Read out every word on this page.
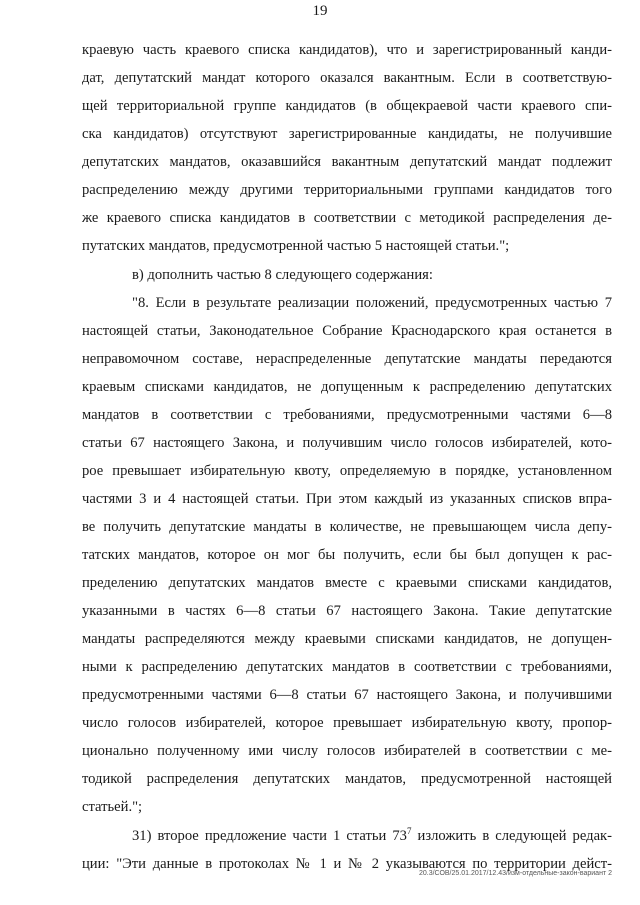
19
краевую часть краевого списка кандидатов), что и зарегистрированный канди-
дат, депутатский мандат которого оказался вакантным. Если в соответствую-
щей территориальной группе кандидатов (в общекраевой части краевого спи-
ска кандидатов) отсутствуют зарегистрированные кандидаты, не получившие
депутатских мандатов, оказавшийся вакантным депутатский мандат подлежит
распределению между другими территориальными группами кандидатов того
же краевого списка кандидатов в соответствии с методикой распределения де-
путатских мандатов, предусмотренной частью 5 настоящей статьи.";
в) дополнить частью 8 следующего содержания:
"8. Если в результате реализации положений, предусмотренных частью 7
настоящей статьи, Законодательное Собрание Краснодарского края останется в
неправомочном составе, нераспределенные депутатские мандаты передаются
краевым списками кандидатов, не допущенным к распределению депутатских
мандатов в соответствии с требованиями, предусмотренными частями 6—8
статьи 67 настоящего Закона, и получившим число голосов избирателей, кото-
рое превышает избирательную квоту, определяемую в порядке, установленном
частями 3 и 4 настоящей статьи. При этом каждый из указанных списков впра-
ве получить депутатские мандаты в количестве, не превышающем числа депу-
татских мандатов, которое он мог бы получить, если бы был допущен к рас-
пределению депутатских мандатов вместе с краевыми списками кандидатов,
указанными в частях 6—8 статьи 67 настоящего Закона. Такие депутатские
мандаты распределяются между краевыми списками кандидатов, не допущен-
ными к распределению депутатских мандатов в соответствии с требованиями,
предусмотренными частями 6—8 статьи 67 настоящего Закона, и получившими
число голосов избирателей, которое превышает избирательную квоту, пропор-
ционально полученному ими числу голосов избирателей в соответствии с ме-
тодикой распределения депутатских мандатов, предусмотренной настоящей
статьей.";
31) второе предложение части 1 статьи $73^7$ изложить в следующей редак-
ции: "Эти данные в протоколах № 1 и № 2 указываются по территории дейст-
20.3/СОВ/25.01.2017/12.43/изм-отдельные-закон-вариант 2
